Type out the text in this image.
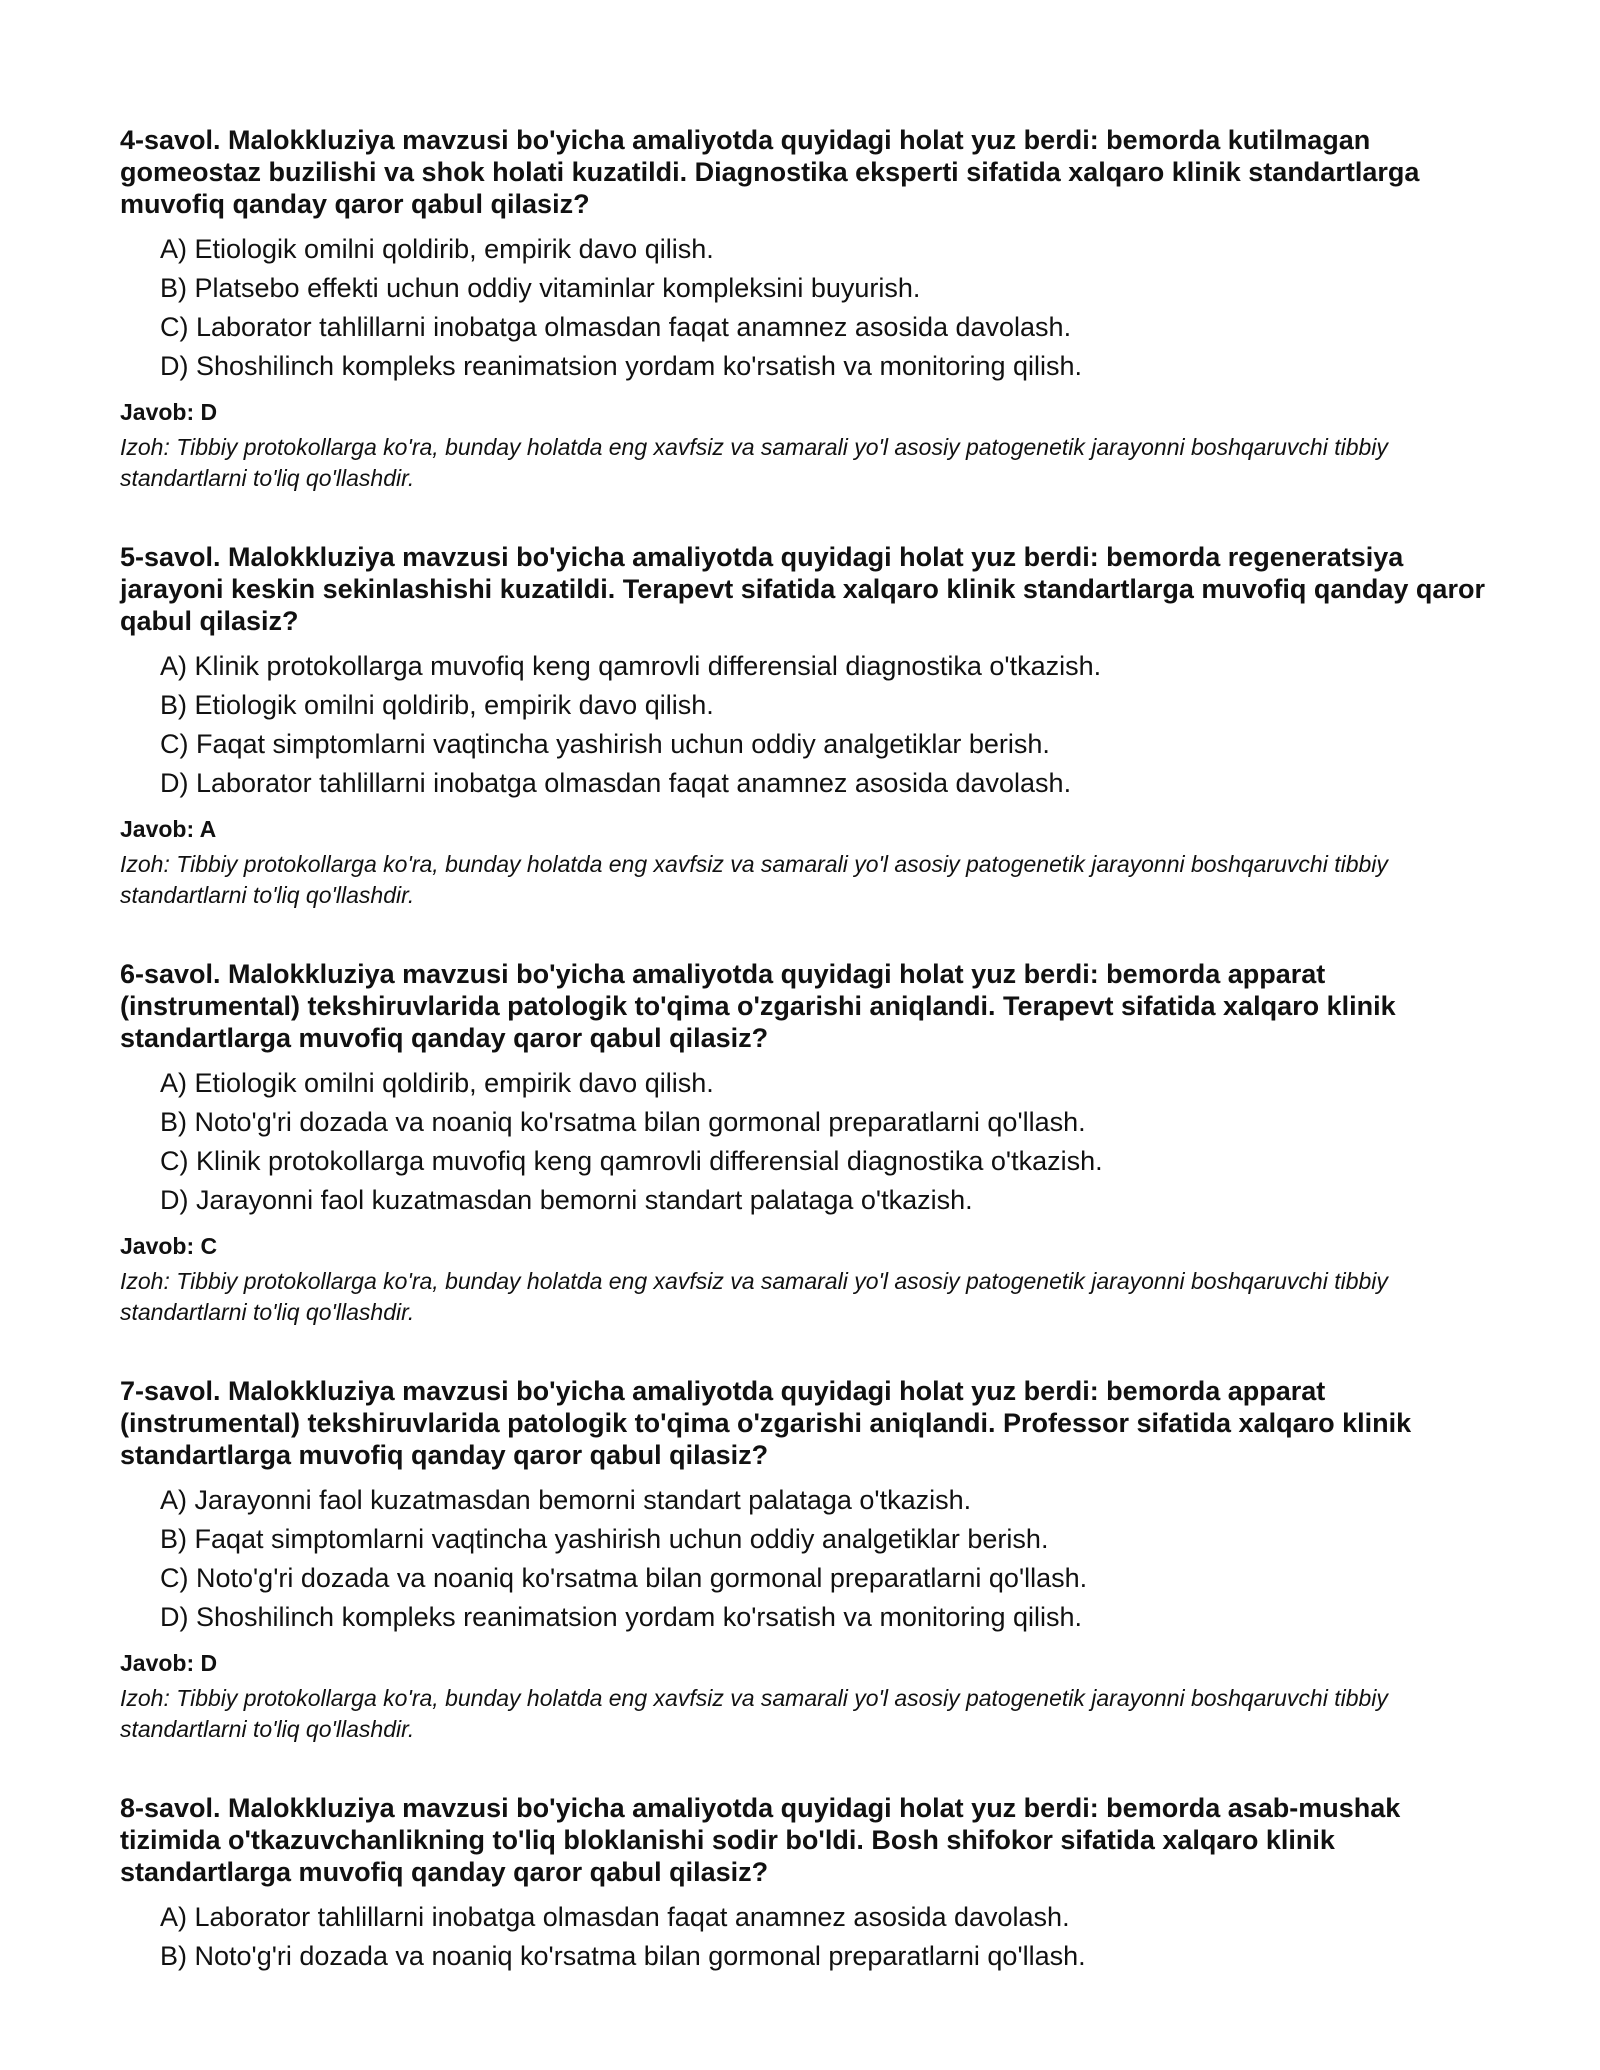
4-savol. Malokkluziya mavzusi bo'yicha amaliyotda quyidagi holat yuz berdi: bemorda kutilmagan gomeostaz buzilishi va shok holati kuzatildi. Diagnostika eksperti sifatida xalqaro klinik standartlarga muvofiq qanday qaror qabul qilasiz?

A) Etiologik omilni qoldirib, empirik davo qilish.
B) Platsebo effekti uchun oddiy vitaminlar kompleksini buyurish.
C) Laborator tahlillarni inobatga olmasdan faqat anamnez asosida davolash.
D) Shoshilinch kompleks reanimatsion yordam ko'rsatish va monitoring qilish.
Javob: D

Izoh: Tibbiy protokollarga ko'ra, bunday holatda eng xavfsiz va samarali yo'l asosiy patogenetik jarayonni boshqaruvchi tibbiy standartlarni to'liq qo'llashdir.

5-savol. Malokkluziya mavzusi bo'yicha amaliyotda quyidagi holat yuz berdi: bemorda regeneratsiya jarayoni keskin sekinlashishi kuzatildi. Terapevt sifatida xalqaro klinik standartlarga muvofiq qanday qaror qabul qilasiz?

A) Klinik protokollarga muvofiq keng qamrovli differensial diagnostika o'tkazish.
B) Etiologik omilni qoldirib, empirik davo qilish.
C) Faqat simptomlarni vaqtincha yashirish uchun oddiy analgetiklar berish.
D) Laborator tahlillarni inobatga olmasdan faqat anamnez asosida davolash.
Javob: A

Izoh: Tibbiy protokollarga ko'ra, bunday holatda eng xavfsiz va samarali yo'l asosiy patogenetik jarayonni boshqaruvchi tibbiy standartlarni to'liq qo'llashdir.

6-savol. Malokkluziya mavzusi bo'yicha amaliyotda quyidagi holat yuz berdi: bemorda apparat (instrumental) tekshiruvlarida patologik to'qima o'zgarishi aniqlandi. Terapevt sifatida xalqaro klinik standartlarga muvofiq qanday qaror qabul qilasiz?

A) Etiologik omilni qoldirib, empirik davo qilish.
B) Noto'g'ri dozada va noaniq ko'rsatma bilan gormonal preparatlarni qo'llash.
C) Klinik protokollarga muvofiq keng qamrovli differensial diagnostika o'tkazish.
D) Jarayonni faol kuzatmasdan bemorni standart palataga o'tkazish.
Javob: C

Izoh: Tibbiy protokollarga ko'ra, bunday holatda eng xavfsiz va samarali yo'l asosiy patogenetik jarayonni boshqaruvchi tibbiy standartlarni to'liq qo'llashdir.

7-savol. Malokkluziya mavzusi bo'yicha amaliyotda quyidagi holat yuz berdi: bemorda apparat (instrumental) tekshiruvlarida patologik to'qima o'zgarishi aniqlandi. Professor sifatida xalqaro klinik standartlarga muvofiq qanday qaror qabul qilasiz?

A) Jarayonni faol kuzatmasdan bemorni standart palataga o'tkazish.
B) Faqat simptomlarni vaqtincha yashirish uchun oddiy analgetiklar berish.
C) Noto'g'ri dozada va noaniq ko'rsatma bilan gormonal preparatlarni qo'llash.
D) Shoshilinch kompleks reanimatsion yordam ko'rsatish va monitoring qilish.
Javob: D

Izoh: Tibbiy protokollarga ko'ra, bunday holatda eng xavfsiz va samarali yo'l asosiy patogenetik jarayonni boshqaruvchi tibbiy standartlarni to'liq qo'llashdir.

8-savol. Malokkluziya mavzusi bo'yicha amaliyotda quyidagi holat yuz berdi: bemorda asab-mushak tizimida o'tkazuvchanlikning to'liq bloklanishi sodir bo'ldi. Bosh shifokor sifatida xalqaro klinik standartlarga muvofiq qanday qaror qabul qilasiz?

A) Laborator tahlillarni inobatga olmasdan faqat anamnez asosida davolash.
B) Noto'g'ri dozada va noaniq ko'rsatma bilan gormonal preparatlarni qo'llash.
